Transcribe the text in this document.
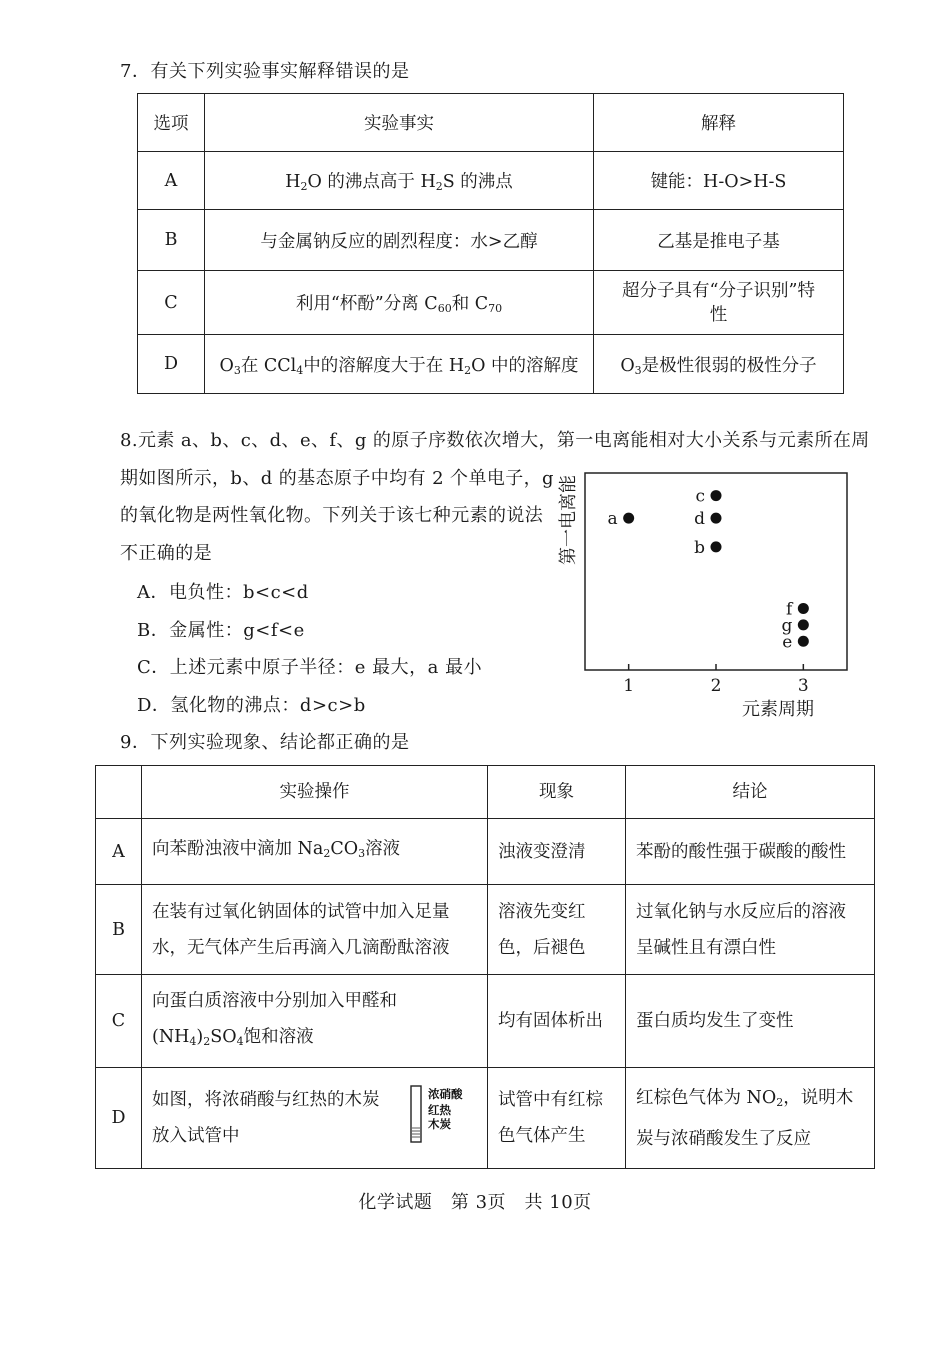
7．有关下列实验事实解释错误的是
选项	实验事实	解释
A	$H_2O$ 的沸点高于 $H_2S$ 的沸点	键能：H-O>H-S
B	与金属钠反应的剧烈程度：水>乙醇	乙基是推电子基
C	利用“杯酚”分离 $C_{60}$和 $C_{70}$	超分子具有“分子识别”特
性
D	$O_3$在 CCl$_4$中的溶解度大于在 $H_2O$ 中的溶解度	$O_3$是极性很弱的极性分子
8.元素 a、b、c、d、e、f、g 的原子序数依次增大，第一电离能相对大小关系与元素所在周
期如图所示，b、d 的基态原子中均有 2 个单电子，g
的氧化物是两性氧化物。下列关于该七种元素的说法
不正确的是
A．电负性：b<c<d
B．金属性：g<f<e
C．上述元素中原子半径：e 最大，a 最小
D．氢化物的沸点：d>c>b
第一电离能
元素周期
1	2	3
a
c
d
b
f
g
e
9．下列实验现象、结论都正确的是
	实验操作	现象	结论
A	向苯酚浊液中滴加 $Na_2CO_3$溶液	浊液变澄清	苯酚的酸性强于碳酸的酸性
B	在装有过氧化钠固体的试管中加入足量
水，无气体产生后再滴入几滴酚酞溶液	溶液先变红
色，后褪色	过氧化钠与水反应后的溶液
呈碱性且有漂白性
C	向蛋白质溶液中分别加入甲醛和
$(NH_4)_2SO_4$饱和溶液	均有固体析出	蛋白质均发生了变性
D	如图，将浓硝酸与红热的木炭
放入试管中
浓硝酸
红热
木炭	试管中有红棕
色气体产生	红棕色气体为 $NO_2$，说明木
炭与浓硝酸发生了反应
化学试题　第 3页　共 10页
